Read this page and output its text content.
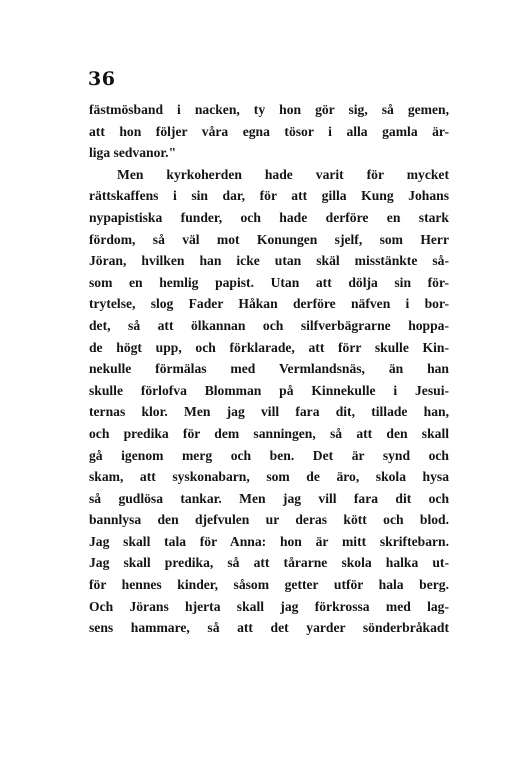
36
fästmösband i nacken, ty hon gör sig, så gemen,
att hon följer våra egna tösor i alla gamla är-
liga sedvanor."
Men kyrkoherden hade varit för mycket
rättskaffens i sin dar, för att gilla Kung Johans
nypapistiska funder, och hade derföre en stark
fördom, så väl mot Konungen sjelf, som Herr
Jöran, hvilken han icke utan skäl misstänkte så-
som en hemlig papist. Utan att dölja sin för-
trytelse, slog Fader Håkan derföre näfven i bor-
det, så att ölkannan och silfverbägrarne hoppa-
de högt upp, och förklarade, att förr skulle Kin-
nekulle förmälas med Vermlandsnäs, än han
skulle förlofva Blomman på Kinnekulle i Jesui-
ternas klor. Men jag vill fara dit, tillade han,
och predika för dem sanningen, så att den skall
gå igenom merg och ben. Det är synd och
skam, att syskonabarn, som de äro, skola hysa
så gudlösa tankar. Men jag vill fara dit och
bannlysa den djefvulen ur deras kött och blod.
Jag skall tala för Anna: hon är mitt skriftebarn.
Jag skall predika, så att tårarne skola halka ut-
för hennes kinder, såsom getter utför hala berg.
Och Jörans hjerta skall jag förkrossa med lag-
sens hammare, så att det yarder sönderbråkadt
